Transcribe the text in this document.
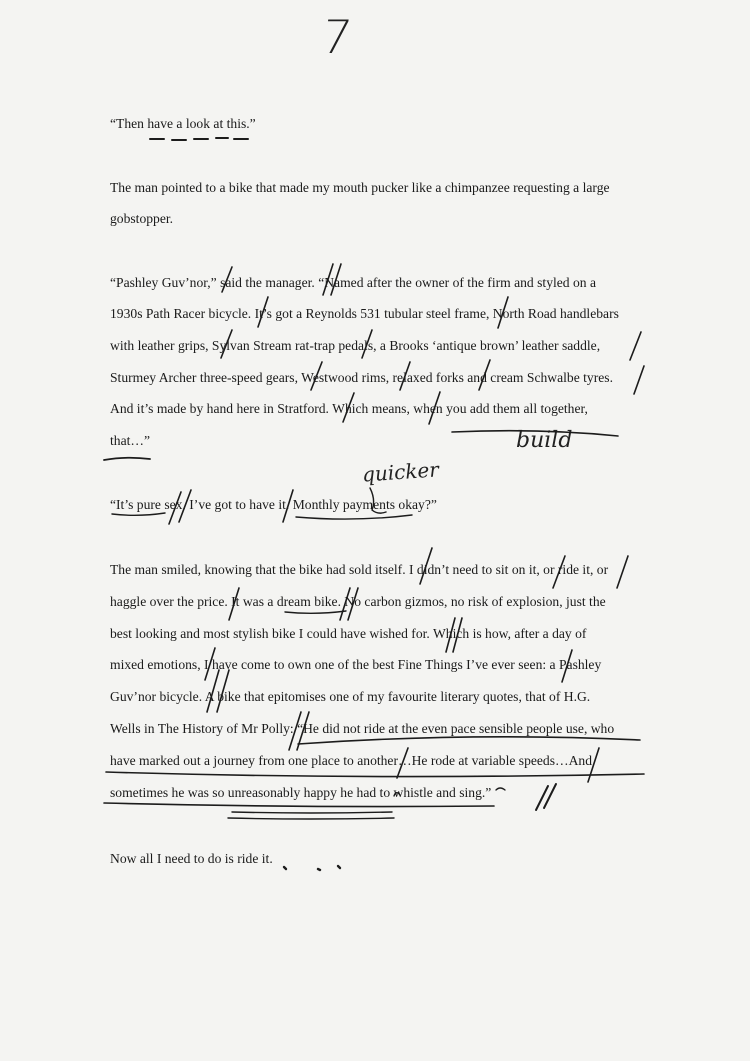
7
“Then have a look at this.”
The man pointed to a bike that made my mouth pucker like a chimpanzee requesting a large
gobstopper.
“Pashley Guv’nor,” said the manager. “Named after the owner of the firm and styled on a
1930s Path Racer bicycle. It’s got a Reynolds 531 tubular steel frame, North Road handlebars
with leather grips, Sylvan Stream rat-trap pedals, a Brooks ‘antique brown’ leather saddle,
Sturmey Archer three-speed gears, Westwood rims, relaxed forks and cream Schwalbe tyres.
And it’s made by hand here in Stratford. Which means, when you add them all together,
that…”
“It’s pure sex. I’ve got to have it. Monthly payments okay?”
The man smiled, knowing that the bike had sold itself. I didn’t need to sit on it, or ride it, or
haggle over the price. It was a dream bike. No carbon gizmos, no risk of explosion, just the
best looking and most stylish bike I could have wished for. Which is how, after a day of
mixed emotions, I have come to own one of the best Fine Things I’ve ever seen: a Pashley
Guv’nor bicycle. A bike that epitomises one of my favourite literary quotes, that of H.G.
Wells in The History of Mr Polly: “He did not ride at the even pace sensible people use, who
have marked out a journey from one place to another…He rode at variable speeds…And
sometimes he was so unreasonably happy he had to whistle and sing.”
Now all I need to do is ride it.
build
quicker
